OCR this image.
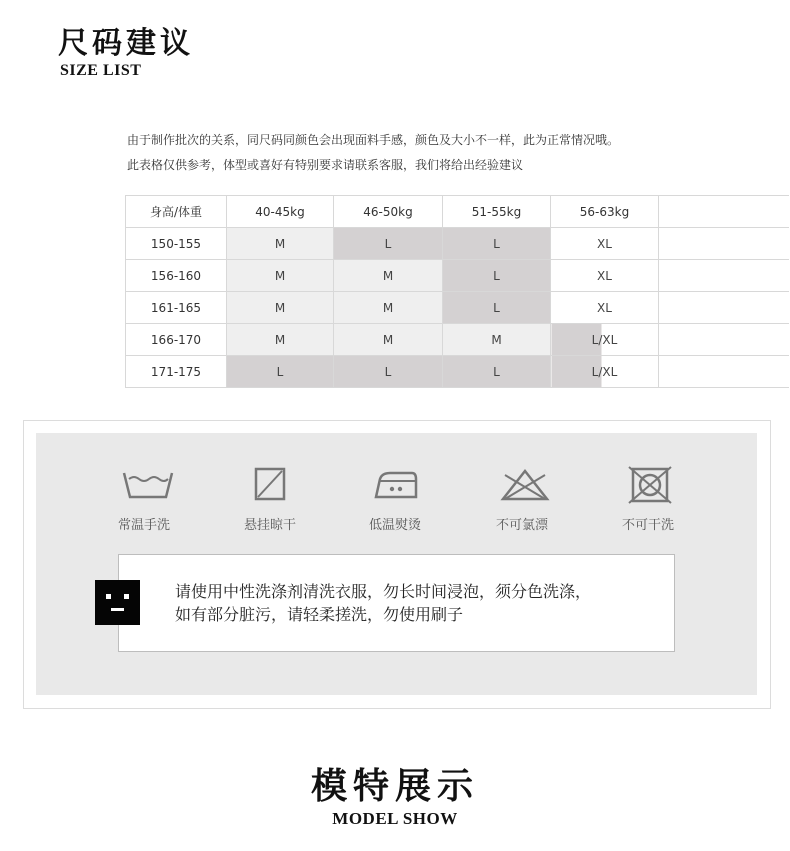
尺码建议
SIZE LIST
由于制作批次的关系，同尺码同颜色会出现面料手感，颜色及大小不一样，此为正常情况哦。
此表格仅供参考，体型或喜好有特别要求请联系客服，我们将给出经验建议
身高/体重	40-45kg	46-50kg	51-55kg	56-63kg	
150-155	M	L	L	XL	
156-160	M	M	L	XL	
161-165	M	M	L	XL	
166-170	M	M	M	L/XL	
171-175	L	L	L	L/XL	
常温手洗	悬挂晾干	低温熨烫	不可氯漂	不可干洗
请使用中性洗涤剂清洗衣服，勿长时间浸泡，须分色洗涤，
如有部分脏污，请轻柔搓洗，勿使用刷子
模特展示
MODEL SHOW
